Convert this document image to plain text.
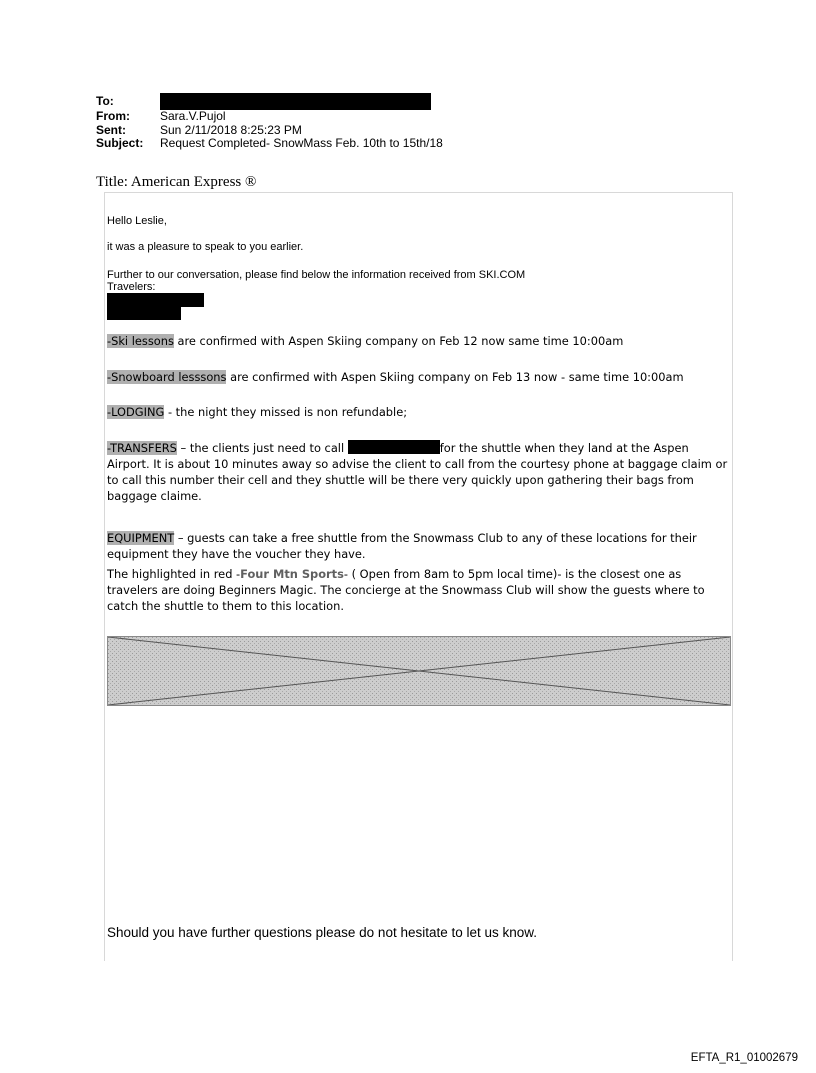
To:
From:	Sara.V.Pujol
Sent:	Sun 2/11/2018 8:25:23 PM
Subject:	Request Completed- SnowMass Feb. 10th to 15th/18
Title: American Express ®
Hello Leslie,
it was a pleasure to speak to you earlier.
Further to our conversation, please find below the information received from SKI.COM
Travelers:
-Ski lessons are confirmed with Aspen Skiing company on Feb 12 now same time 10:00am
-Snowboard lesssons are confirmed with Aspen Skiing company on Feb 13 now - same time 10:00am
-LODGING - the night they missed is non refundable;
-TRANSFERS – the clients just need to call	for the shuttle when they land at the Aspen Airport. It is about 10 minutes away so advise the client to call from the courtesy phone at baggage claim or to call this number their cell and they shuttle will be there very quickly upon gathering their bags from baggage claime.
EQUIPMENT – guests can take a free shuttle from the Snowmass Club to any of these locations for their equipment they have the voucher they have.
The highlighted in red -Four Mtn Sports- ( Open from 8am to 5pm local time)- is the closest one as travelers are doing Beginners Magic. The concierge at the Snowmass Club will show the guests where to catch the shuttle to them to this location.
Should you have further questions please do not hesitate to let us know.
EFTA_R1_01002679
